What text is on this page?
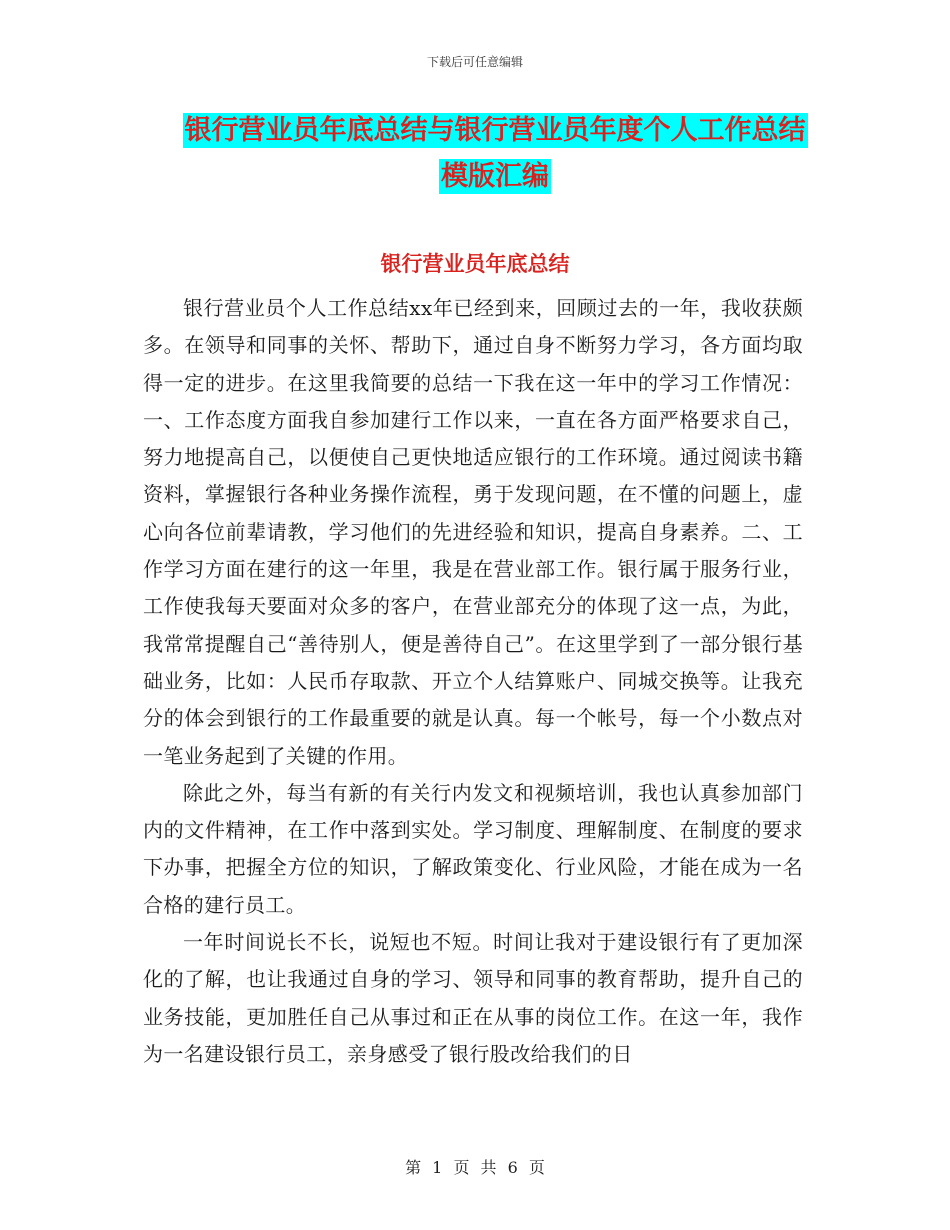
下载后可任意编辑
银行营业员年底总结与银行营业员年度个人工作总结
模版汇编
银行营业员年底总结

银行营业员个人工作总结xx年已经到来，回顾过去的一年，我收获颇多。在领导和同事的关怀、帮助下，通过自身不断努力学习，各方面均取得一定的进步。在这里我简要的总结一下我在这一年中的学习工作情况：一、工作态度方面我自参加建行工作以来，一直在各方面严格要求自己，努力地提高自己，以便使自己更快地适应银行的工作环境。通过阅读书籍资料，掌握银行各种业务操作流程，勇于发现问题，在不懂的问题上，虚心向各位前辈请教，学习他们的先进经验和知识，提高自身素养。二、工作学习方面在建行的这一年里，我是在营业部工作。银行属于服务行业，工作使我每天要面对众多的客户，在营业部充分的体现了这一点，为此，我常常提醒自己“善待别人，便是善待自己”。在这里学到了一部分银行基础业务，比如：人民币存取款、开立个人结算账户、同城交换等。让我充分的体会到银行的工作最重要的就是认真。每一个帐号，每一个小数点对一笔业务起到了关键的作用。

除此之外，每当有新的有关行内发文和视频培训，我也认真参加部门内的文件精神，在工作中落到实处。学习制度、理解制度、在制度的要求下办事，把握全方位的知识，了解政策变化、行业风险，才能在成为一名合格的建行员工。

一年时间说长不长，说短也不短。时间让我对于建设银行有了更加深化的了解，也让我通过自身的学习、领导和同事的教育帮助，提升自己的业务技能，更加胜任自己从事过和正在从事的岗位工作。在这一年，我作为一名建设银行员工，亲身感受了银行股改给我们的日

第 1 页 共 6 页
